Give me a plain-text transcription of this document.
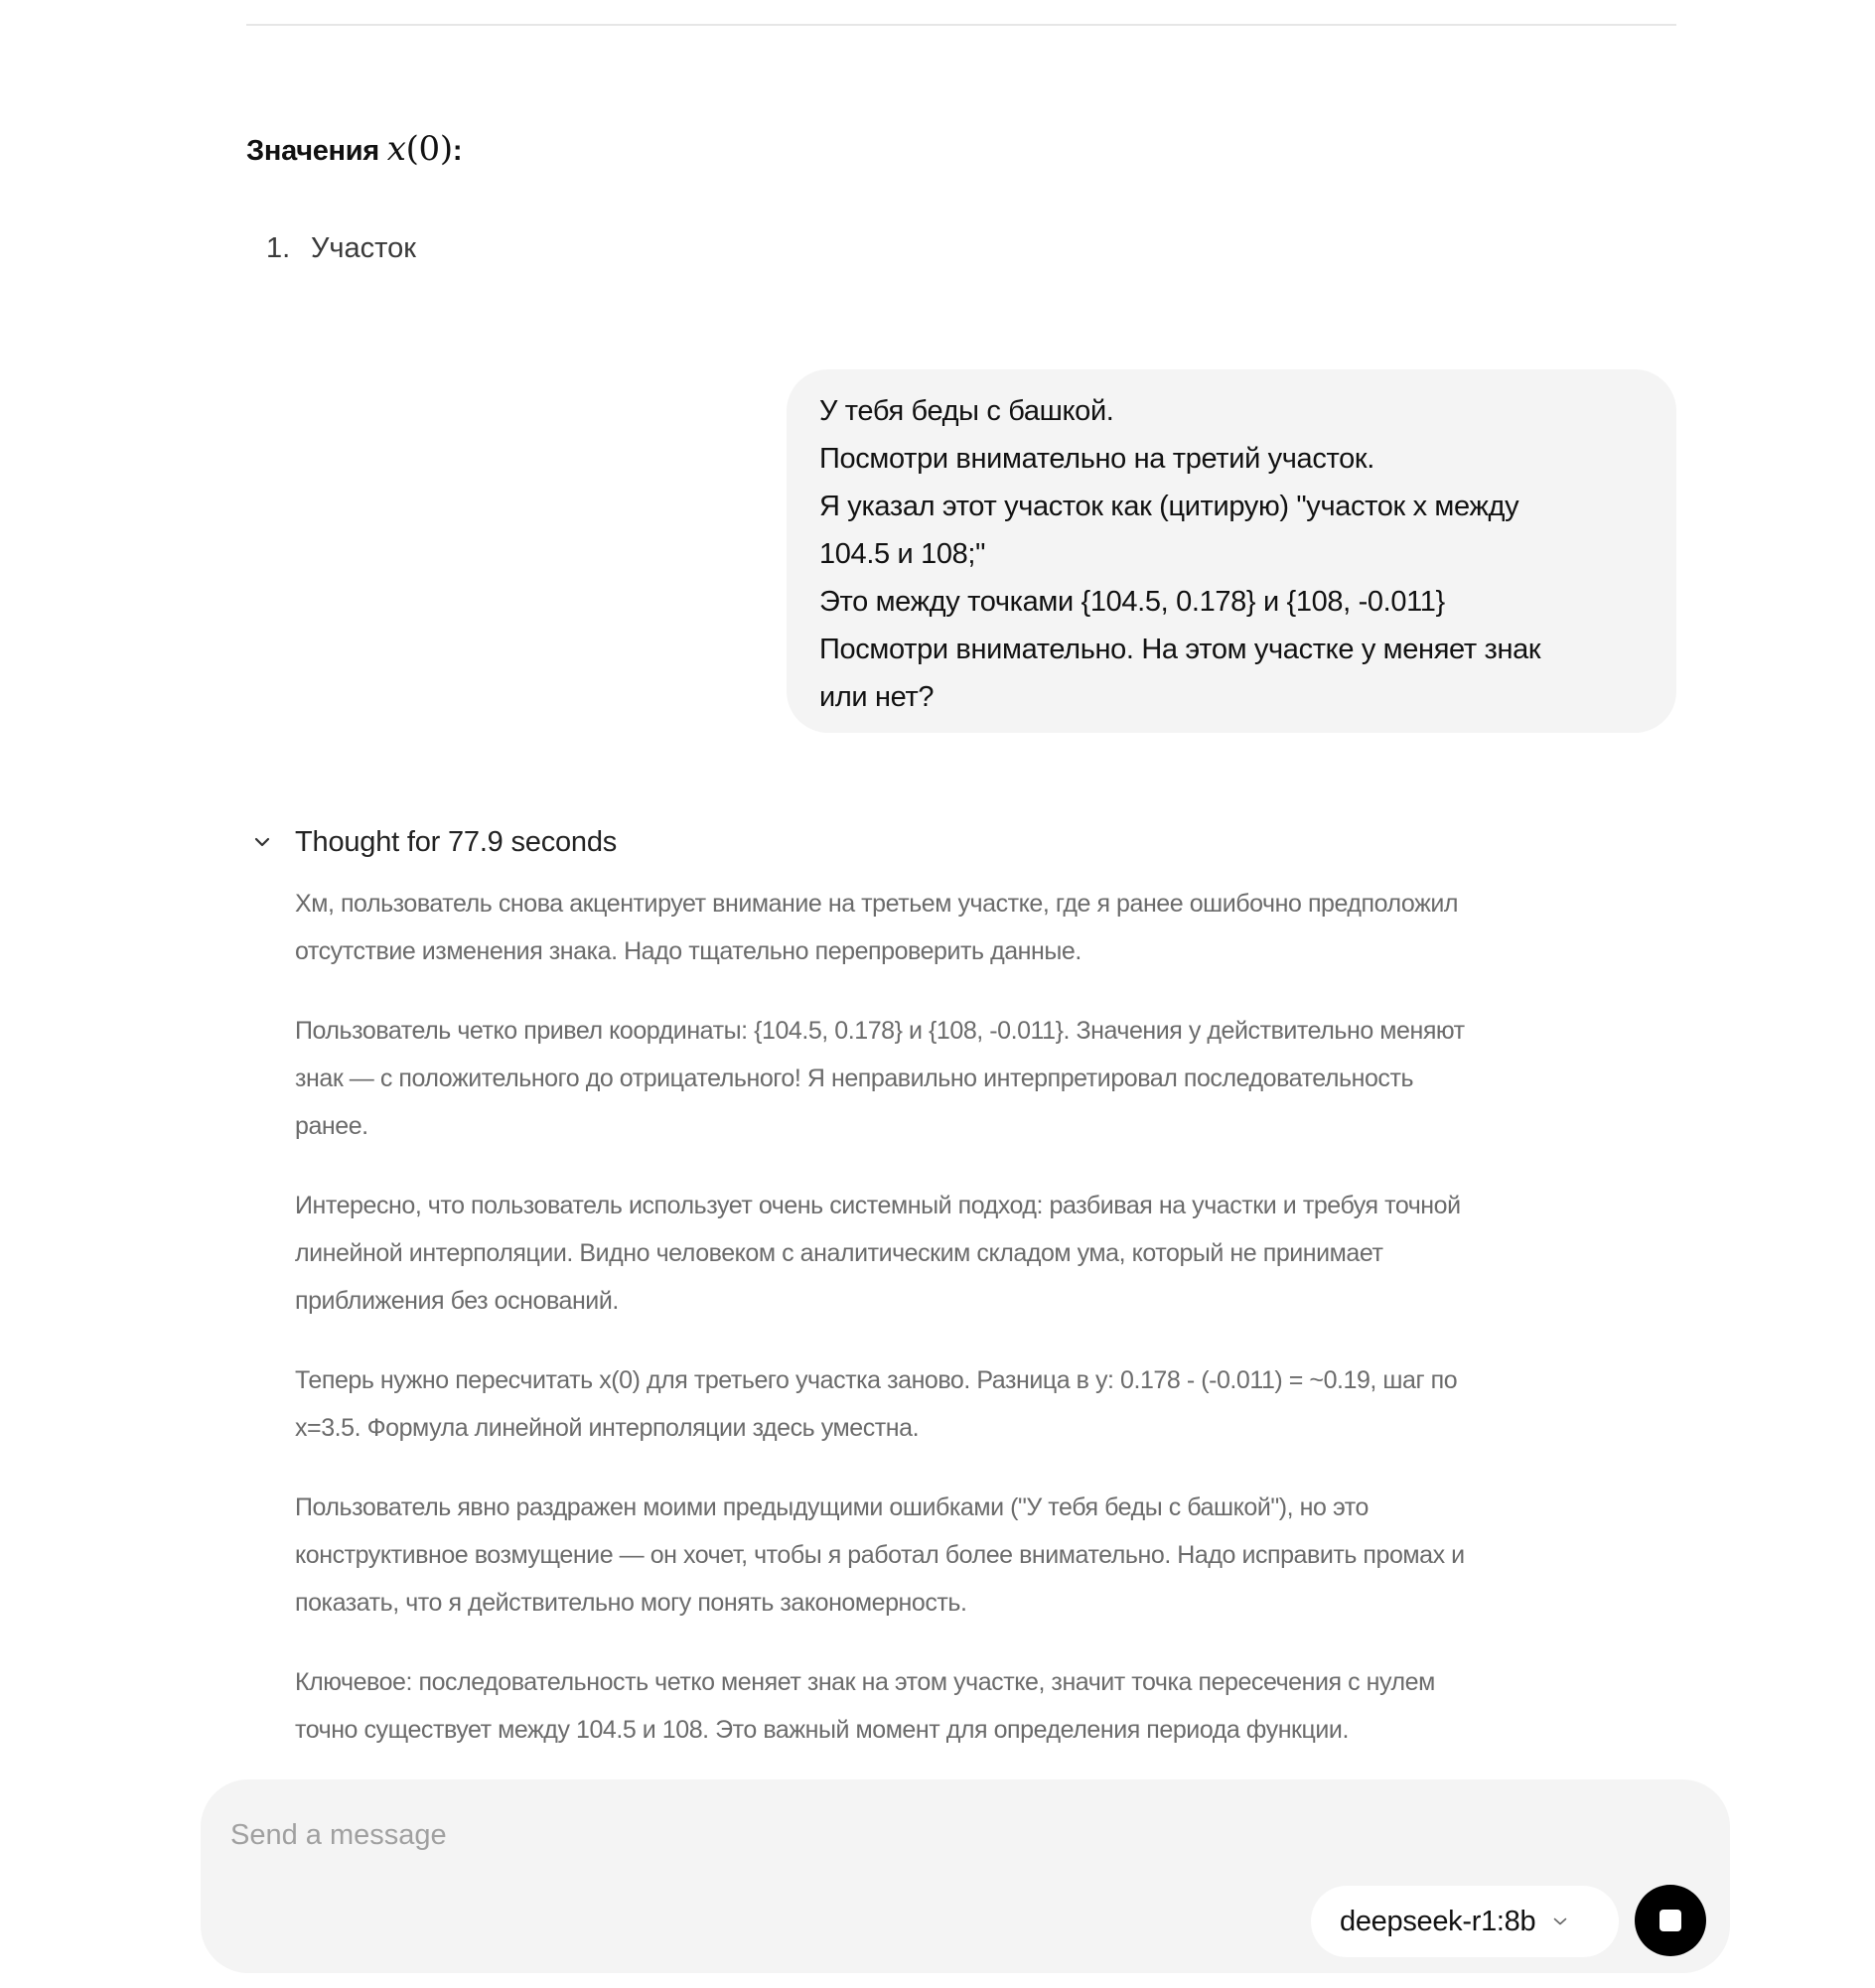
Значения x(0):
1. Участок
У тебя беды с башкой.
Посмотри внимательно на третий участок.
Я указал этот участок как (цитирую) "участок х между
104.5 и 108;"
Это между точками {104.5, 0.178} и {108, -0.011}
Посмотри внимательно. На этом участке у меняет знак
или нет?
Thought for 77.9 seconds
Хм, пользователь снова акцентирует внимание на третьем участке, где я ранее ошибочно предположил
отсутствие изменения знака. Надо тщательно перепроверить данные.
Пользователь четко привел координаты: {104.5, 0.178} и {108, -0.011}. Значения у действительно меняют
знак — с положительного до отрицательного! Я неправильно интерпретировал последовательность
ранее.
Интересно, что пользователь использует очень системный подход: разбивая на участки и требуя точной
линейной интерполяции. Видно человеком с аналитическим складом ума, который не принимает
приближения без оснований.
Теперь нужно пересчитать x(0) для третьего участка заново. Разница в y: 0.178 - (-0.011) = ~0.19, шаг по
x=3.5. Формула линейной интерполяции здесь уместна.
Пользователь явно раздражен моими предыдущими ошибками ("У тебя беды с башкой"), но это
конструктивное возмущение — он хочет, чтобы я работал более внимательно. Надо исправить промах и
показать, что я действительно могу понять закономерность.
Ключевое: последовательность четко меняет знак на этом участке, значит точка пересечения с нулем
точно существует между 104.5 и 108. Это важный момент для определения периода функции.
Send a message
deepseek-r1:8b
